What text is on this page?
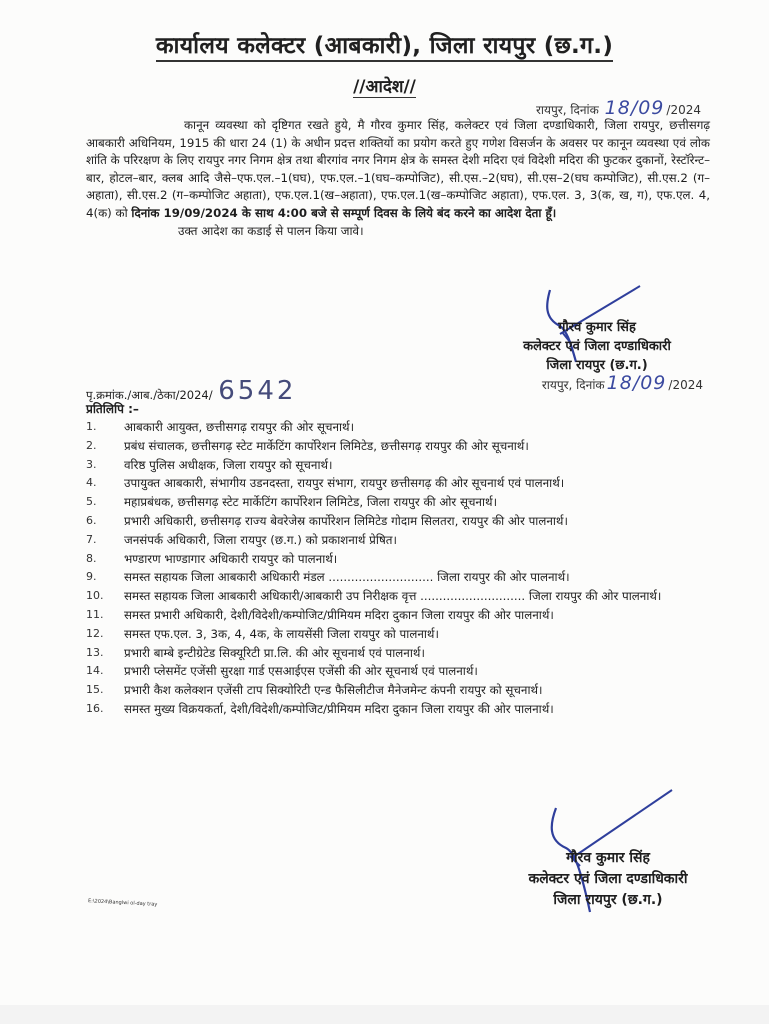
कार्यालय कलेक्टर (आबकारी), जिला रायपुर (छ.ग.)
//आदेश//
रायपुर, दिनांक 18/09 /2024

कानून व्यवस्था को दृष्टिगत रखते हुये, मै गौरव कुमार सिंह, कलेक्टर एवं जिला दण्डाधिकारी, जिला रायपुर, छत्तीसगढ़ आबकारी अधिनियम, 1915 की धारा 24 (1) के अधीन प्रदत्त शक्तियों का प्रयोग करते हुए गणेश विसर्जन के अवसर पर कानून व्यवस्था एवं लोक शांति के परिरक्षण के लिए रायपुर नगर निगम क्षेत्र तथा बीरगांव नगर निगम क्षेत्र के समस्त देशी मदिरा एवं विदेशी मदिरा की फुटकर दुकानों, रेस्टॉरेन्ट–बार, होटल–बार, क्लब आदि जैसे–एफ.एल.–1(घघ), एफ.एल.–1(घघ–कम्पोजिट), सी.एस.–2(घघ), सी.एस–2(घघ कम्पोजिट), सी.एस.2 (ग–अहाता), सी.एस.2 (ग–कम्पोजिट अहाता), एफ.एल.1(ख–अहाता), एफ.एल.1(ख–कम्पोजिट अहाता), एफ.एल. 3, 3(क, ख, ग), एफ.एल. 4, 4(क) को दिनांक 19/09/2024 के साथ 4:00 बजे से सम्पूर्ण दिवस के लिये बंद करने का आदेश देता हूँ।

उक्त आदेश का कडाई से पालन किया जावे।

गौरव कुमार सिंह
कलेक्टर एवं जिला दण्डाधिकारी
जिला रायपुर (छ.ग.)
रायपुर, दिनांक 18/09 /2024
पृ.क्रमांक./आब./ठेका/2024/ 6542
प्रतिलिपि :–
1.	आबकारी आयुक्त, छत्तीसगढ़ रायपुर की ओर सूचनार्थ।
2.	प्रबंध संचालक, छत्तीसगढ़ स्टेट मार्केटिंग कार्पोरेशन लिमिटेड, छत्तीसगढ़ रायपुर की ओर सूचनार्थ।
3.	वरिष्ठ पुलिस अधीक्षक, जिला रायपुर को सूचनार्थ।
4.	उपायुक्त आबकारी, संभागीय उडनदस्ता, रायपुर संभाग, रायपुर छत्तीसगढ़ की ओर सूचनार्थ एवं पालनार्थ।
5.	महाप्रबंधक, छत्तीसगढ़ स्टेट मार्केटिंग कार्पोरेशन लिमिटेड, जिला रायपुर की ओर सूचनार्थ।
6.	प्रभारी अधिकारी, छत्तीसगढ़ राज्य बेवरेजेस्र कार्पोरेशन लिमिटेड गोदाम सिलतरा, रायपुर की ओर पालनार्थ।
7.	जनसंपर्क अधिकारी, जिला रायपुर (छ.ग.) को प्रकाशनार्थ प्रेषित।
8.	भण्डारण भाण्डागार अधिकारी रायपुर को पालनार्थ।
9.	समस्त सहायक जिला आबकारी अधिकारी मंडल ............................ जिला रायपुर की ओर पालनार्थ।
10.	समस्त सहायक जिला आबकारी अधिकारी/आबकारी उप निरीक्षक वृत्त ............................ जिला रायपुर की ओर पालनार्थ।
11.	समस्त प्रभारी अधिकारी, देशी/विदेशी/कम्पोजिट/प्रीमियम मदिरा दुकान जिला रायपुर की ओर पालनार्थ।
12.	समस्त एफ.एल. 3, 3क, 4, 4क, के लायसेंसी जिला रायपुर को पालनार्थ।
13.	प्रभारी बाम्बे इन्टीग्रेटेड सिक्यूरिटी प्रा.लि. की ओर सूचनार्थ एवं पालनार्थ।
14.	प्रभारी प्लेसमेंट एजेंसी सुरक्षा गार्ड एसआईएस एजेंसी की ओर सूचनार्थ एवं पालनार्थ।
15.	प्रभारी कैश कलेक्शन एजेंसी टाप सिक्योरिटी एन्ड फैसिलीटीज मैनेजमेन्ट कंपनी रायपुर को सूचनार्थ।
16.	समस्त मुख्य विक्रयकर्ता, देशी/विदेशी/कम्पोजिट/प्रीमियम मदिरा दुकान जिला रायपुर की ओर पालनार्थ।
गौरव कुमार सिंह
कलेक्टर एवं जिला दण्डाधिकारी
जिला रायपुर (छ.ग.)
E:\2024\Banglwi ol-day tray
